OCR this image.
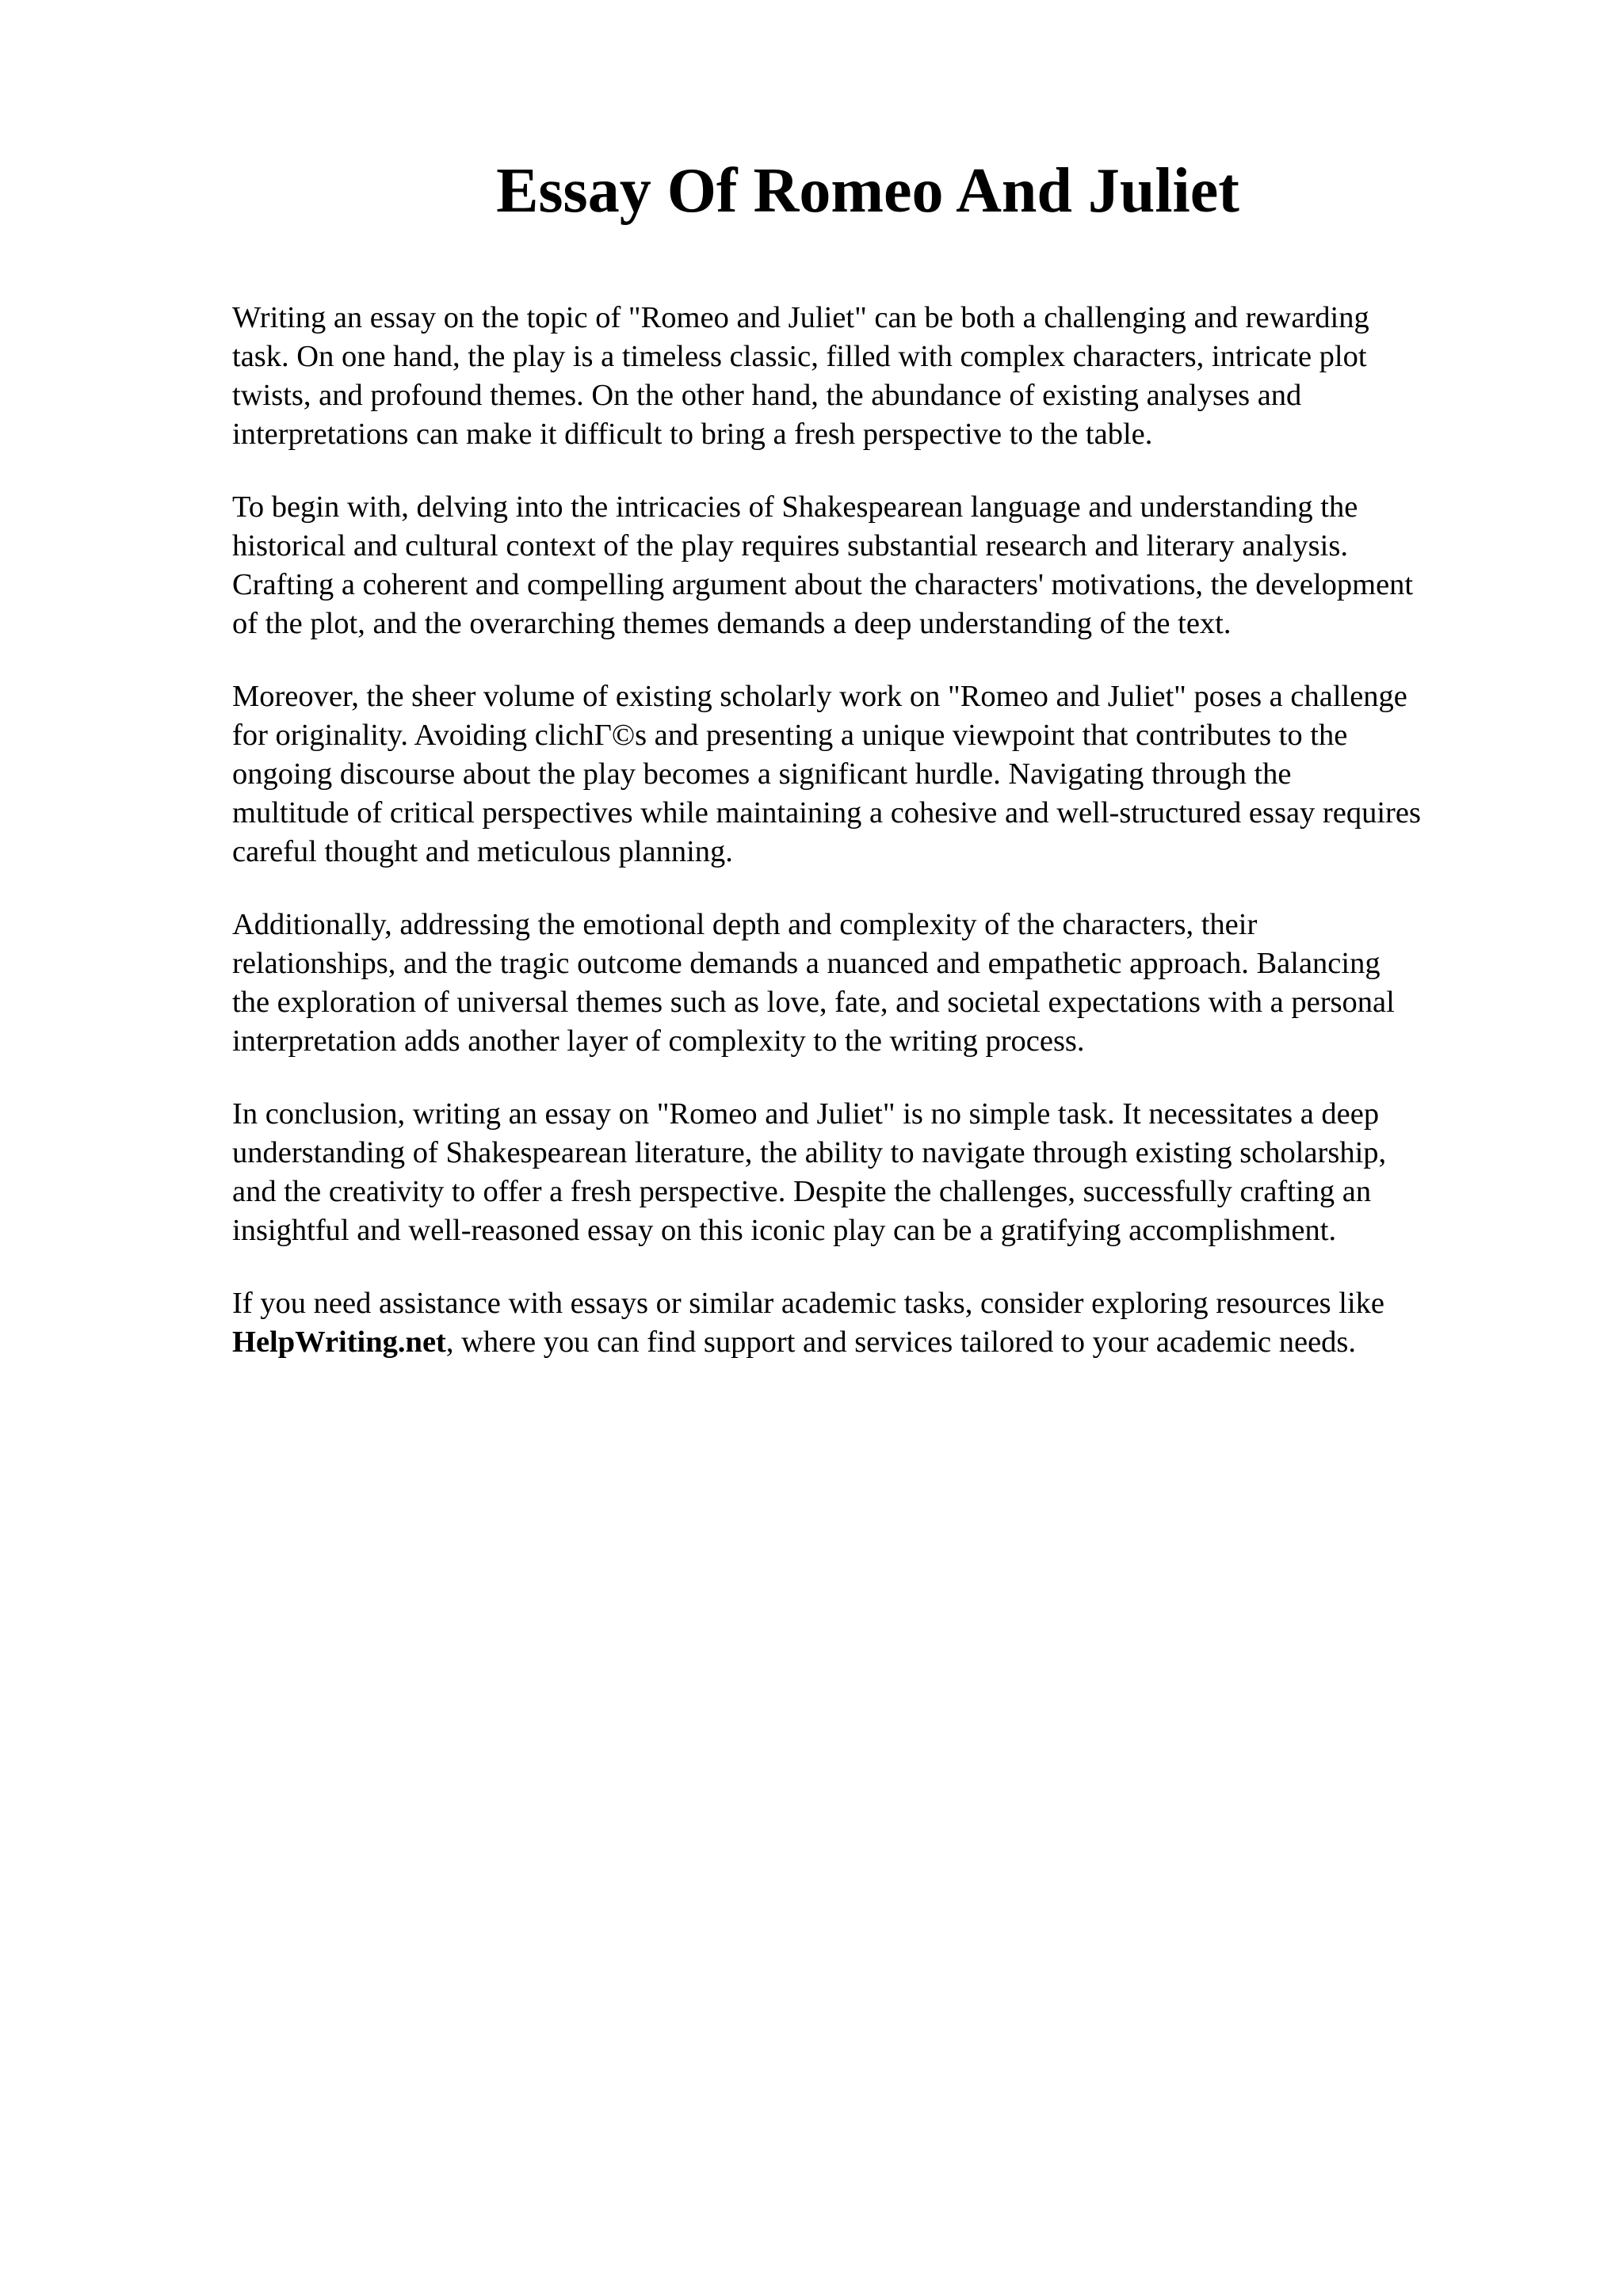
Essay Of Romeo And Juliet

Writing an essay on the topic of "Romeo and Juliet" can be both a challenging and rewarding
task. On one hand, the play is a timeless classic, filled with complex characters, intricate plot
twists, and profound themes. On the other hand, the abundance of existing analyses and
interpretations can make it difficult to bring a fresh perspective to the table.

To begin with, delving into the intricacies of Shakespearean language and understanding the
historical and cultural context of the play requires substantial research and literary analysis.
Crafting a coherent and compelling argument about the characters' motivations, the development
of the plot, and the overarching themes demands a deep understanding of the text.

Moreover, the sheer volume of existing scholarly work on "Romeo and Juliet" poses a challenge
for originality. Avoiding clichΓ©s and presenting a unique viewpoint that contributes to the
ongoing discourse about the play becomes a significant hurdle. Navigating through the
multitude of critical perspectives while maintaining a cohesive and well-structured essay requires
careful thought and meticulous planning.

Additionally, addressing the emotional depth and complexity of the characters, their
relationships, and the tragic outcome demands a nuanced and empathetic approach. Balancing
the exploration of universal themes such as love, fate, and societal expectations with a personal
interpretation adds another layer of complexity to the writing process.

In conclusion, writing an essay on "Romeo and Juliet" is no simple task. It necessitates a deep
understanding of Shakespearean literature, the ability to navigate through existing scholarship,
and the creativity to offer a fresh perspective. Despite the challenges, successfully crafting an
insightful and well-reasoned essay on this iconic play can be a gratifying accomplishment.

If you need assistance with essays or similar academic tasks, consider exploring resources like
HelpWriting.net, where you can find support and services tailored to your academic needs.
